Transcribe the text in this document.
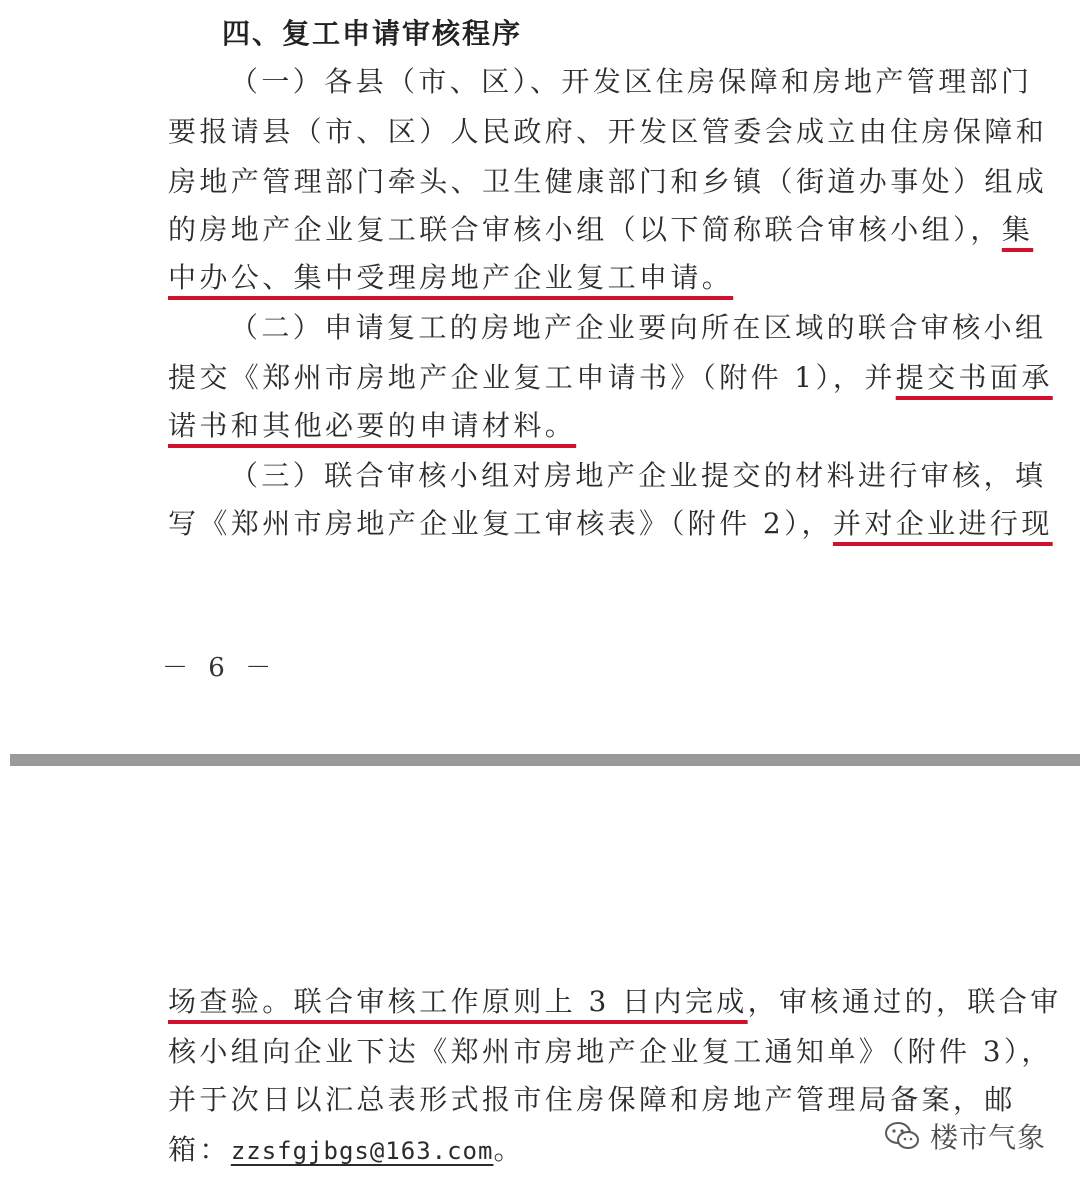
四、复工申请审核程序
（一）各县（市、区）、开发区住房保障和房地产管理部门
要报请县（市、区）人民政府、开发区管委会成立由住房保障和
房地产管理部门牵头、卫生健康部门和乡镇（街道办事处）组成
的房地产企业复工联合审核小组（以下简称联合审核小组），集
中办公、集中受理房地产企业复工申请。
（二）申请复工的房地产企业要向所在区域的联合审核小组
提交《郑州市房地产企业复工申请书》（附件 1），并提交书面承
诺书和其他必要的申请材料。
（三）联合审核小组对房地产企业提交的材料进行审核，填
写《郑州市房地产企业复工审核表》（附件 2），并对企业进行现
－ 6 －
场查验。联合审核工作原则上 3 日内完成，审核通过的，联合审
核小组向企业下达《郑州市房地产企业复工通知单》（附件 3），
并于次日以汇总表形式报市住房保障和房地产管理局备案，邮
箱：zzsfgjbgs@163.com。	楼市气象
